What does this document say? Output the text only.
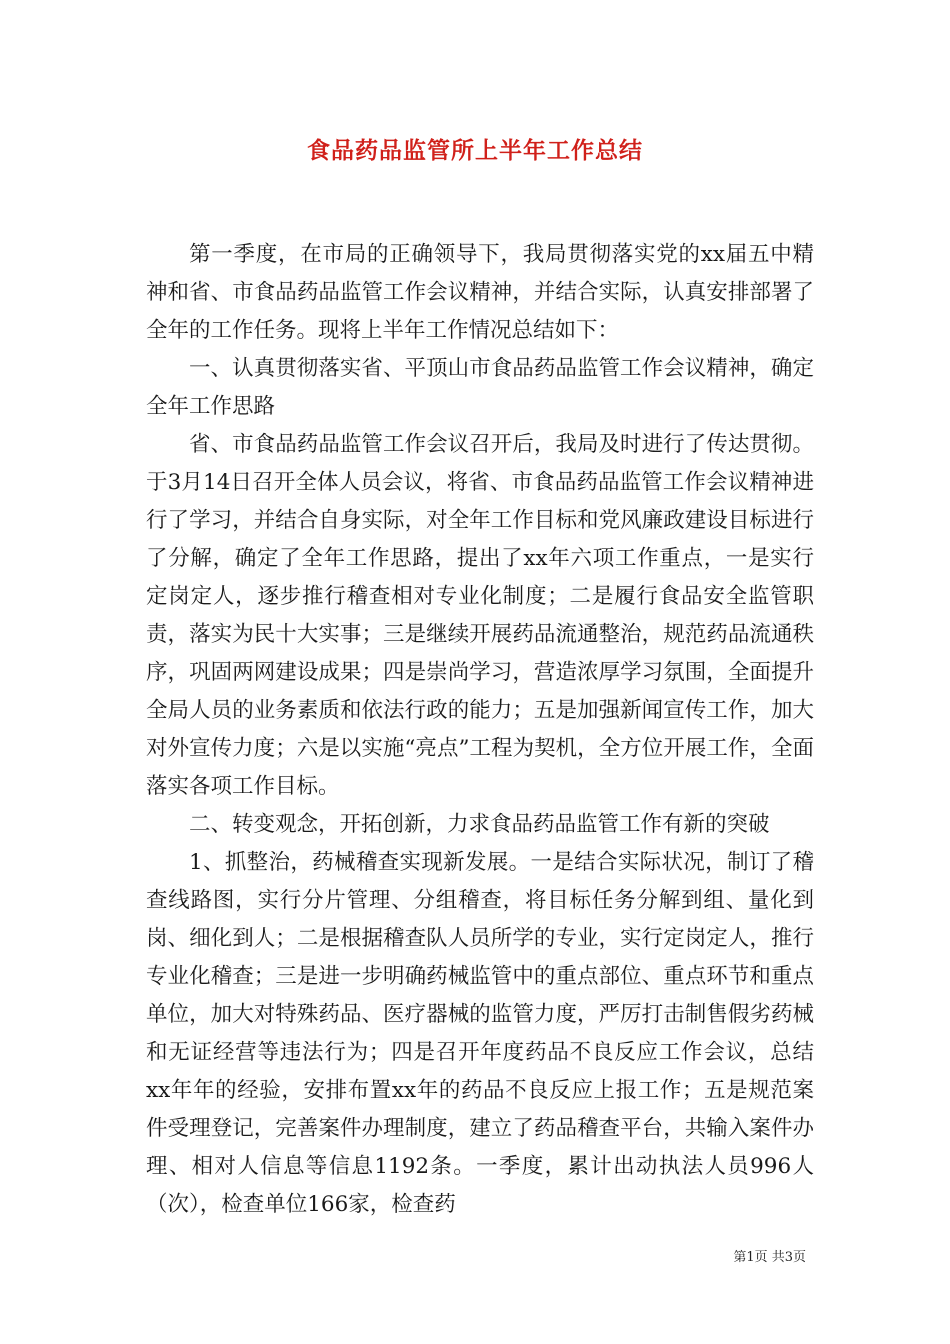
食品药品监管所上半年工作总结

第一季度，在市局的正确领导下，我局贯彻落实党的xx届五中精神和省、市食品药品监管工作会议精神，并结合实际，认真安排部署了全年的工作任务。现将上半年工作情况总结如下：

一、认真贯彻落实省、平顶山市食品药品监管工作会议精神，确定全年工作思路

省、市食品药品监管工作会议召开后，我局及时进行了传达贯彻。于3月14日召开全体人员会议，将省、市食品药品监管工作会议精神进行了学习，并结合自身实际，对全年工作目标和党风廉政建设目标进行了分解，确定了全年工作思路，提出了xx年六项工作重点，一是实行定岗定人，逐步推行稽查相对专业化制度；二是履行食品安全监管职责，落实为民十大实事；三是继续开展药品流通整治，规范药品流通秩序，巩固两网建设成果；四是崇尚学习，营造浓厚学习氛围，全面提升全局人员的业务素质和依法行政的能力；五是加强新闻宣传工作，加大对外宣传力度；六是以实施“亮点”工程为契机，全方位开展工作，全面落实各项工作目标。

二、转变观念，开拓创新，力求食品药品监管工作有新的突破

1、抓整治，药械稽查实现新发展。一是结合实际状况，制订了稽查线路图，实行分片管理、分组稽查，将目标任务分解到组、量化到岗、细化到人；二是根据稽查队人员所学的专业，实行定岗定人，推行专业化稽查；三是进一步明确药械监管中的重点部位、重点环节和重点单位，加大对特殊药品、医疗器械的监管力度，严厉打击制售假劣药械和无证经营等违法行为；四是召开年度药品不良反应工作会议，总结xx年年的经验，安排布置xx年的药品不良反应上报工作；五是规范案件受理登记，完善案件办理制度，建立了药品稽查平台，共输入案件办理、相对人信息等信息1192条。一季度，累计出动执法人员996人（次），检查单位166家，检查药

第1页 共3页
